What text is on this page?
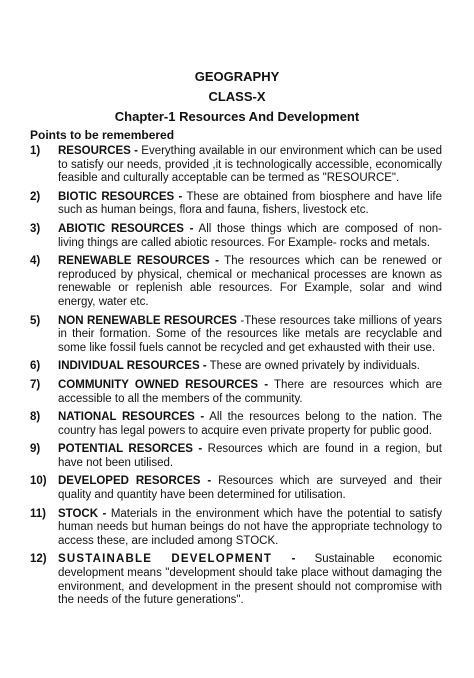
GEOGRAPHY
CLASS-X
Chapter-1 Resources And Development
Points to be remembered
1)	RESOURCES - Everything available in our environment which can be used to satisfy our needs, provided ,it is technologically accessible, economically feasible and culturally acceptable can be termed as "RESOURCE".
2)	BIOTIC RESOURCES - These are obtained from biosphere and have life such as human beings, flora and fauna, fishers, livestock etc.
3)	ABIOTIC RESOURCES - All those things which are composed of non-living things are called abiotic resources. For Example- rocks and metals.
4)	RENEWABLE RESOURCES - The resources which can be renewed or reproduced by physical, chemical or mechanical processes are known as renewable or replenish able resources. For Example, solar and wind energy, water etc.
5)	NON RENEWABLE RESOURCES -These resources take millions of years in their formation. Some of the resources like metals are recyclable and some like fossil fuels cannot be recycled and get exhausted with their use.
6)	INDIVIDUAL RESOURCES - These are owned privately by individuals.
7)	COMMUNITY OWNED RESOURCES - There are resources which are accessible to all the members of the community.
8)	NATIONAL RESOURCES - All the resources belong to the nation. The country has legal powers to acquire even private property for public good.
9)	POTENTIAL RESORCES - Resources which are found in a region, but have not been utilised.
10) DEVELOPED RESORCES - Resources which are surveyed and their quality and quantity have been determined for utilisation.
11)	STOCK - Materials in the environment which have the potential to satisfy human needs but human beings do not have the appropriate technology to access these, are included among STOCK.
12) SUSTAINABLE DEVELOPMENT - Sustainable economic development means "development should take place without damaging the environment, and development in the present should not compromise with the needs of the future generations".
